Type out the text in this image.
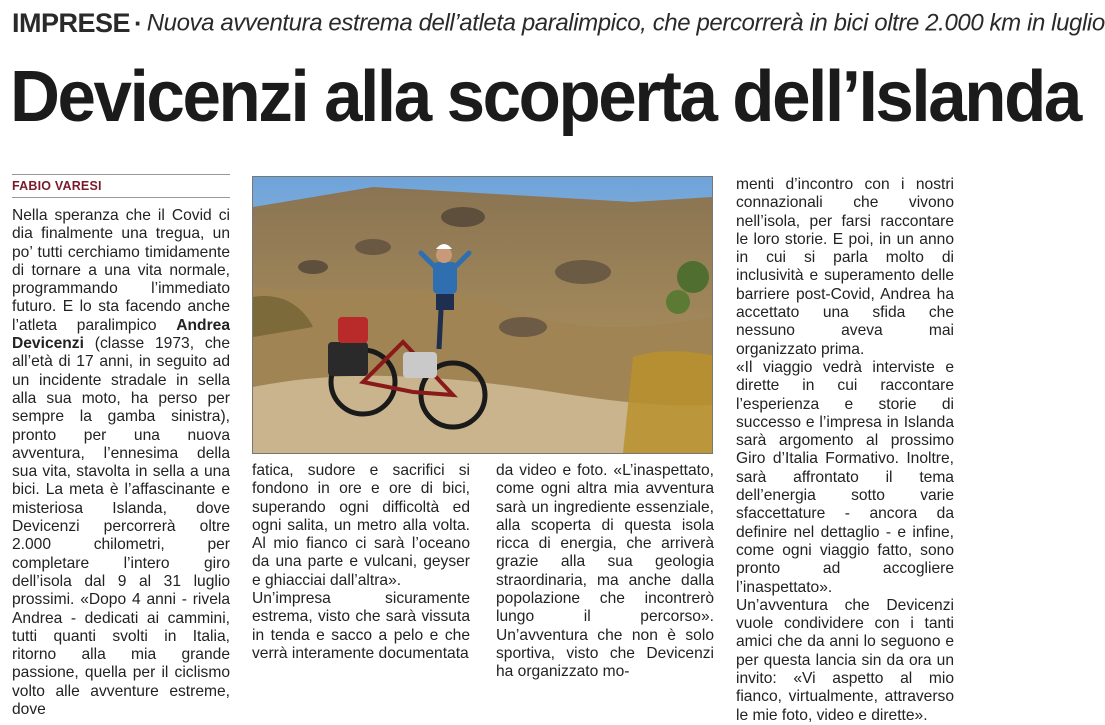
IMPRESE · Nuova avventura estrema dell’atleta paralimpico, che percorrerà in bici oltre 2.000 km in luglio
Devicenzi alla scoperta dell’Islanda
FABIO VARESI

Nella speranza che il Covid ci dia finalmente una tregua, un po’ tutti cerchiamo timidamente di tornare a una vita normale, programmando l’immediato futuro. E lo sta facendo anche l’atleta paralimpico Andrea Devicenzi (classe 1973, che all’età di 17 anni, in seguito ad un incidente stradale in sella alla sua moto, ha perso per sempre la gamba sinistra), pronto per una nuova avventura, l’ennesima della sua vita, stavolta in sella a una bici. La meta è l’affascinante e misteriosa Islanda, dove Devicenzi percorrerà oltre 2.000 chilometri, per completare l’intero giro dell’isola dal 9 al 31 luglio prossimi. «Dopo 4 anni - rivela Andrea - dedicati ai cammini, tutti quanti svolti in Italia, ritorno alla mia grande passione, quella per il ciclismo volto alle avventure estreme, dove

fatica, sudore e sacrifici si fondono in ore e ore di bici, superando ogni difficoltà ed ogni salita, un metro alla volta. Al mio fianco ci sarà l’oceano da una parte e vulcani, geyser e ghiacciai dall’altra».

Un’impresa sicuramente estrema, visto che sarà vissuta in tenda e sacco a pelo e che verrà interamente documentata

da video e foto. «L’inaspettato, come ogni altra mia avventura sarà un ingrediente essenziale, alla scoperta di questa isola ricca di energia, che arriverà grazie alla sua geologia straordinaria, ma anche dalla popolazione che incontrerò lungo il percorso». Un’avventura che non è solo sportiva, visto che Devicenzi ha organizzato mo-

menti d’incontro con i nostri connazionali che vivono nell’isola, per farsi raccontare le loro storie. E poi, in un anno in cui si parla molto di inclusività e superamento delle barriere post-Covid, Andrea ha accettato una sfida che nessuno aveva mai organizzato prima.

«Il viaggio vedrà interviste e dirette in cui raccontare l’esperienza e storie di successo e l’impresa in Islanda sarà argomento al prossimo Giro d’Italia Formativo. Inoltre, sarà affrontato il tema dell’energia sotto varie sfaccettature - ancora da definire nel dettaglio - e infine, come ogni viaggio fatto, sono pronto ad accogliere l’inaspettato».

Un’avventura che Devicenzi vuole condividere con i tanti amici che da anni lo seguono e per questa lancia sin da ora un invito: «Vi aspetto al mio fianco, virtualmente, attraverso le mie foto, video e dirette».
